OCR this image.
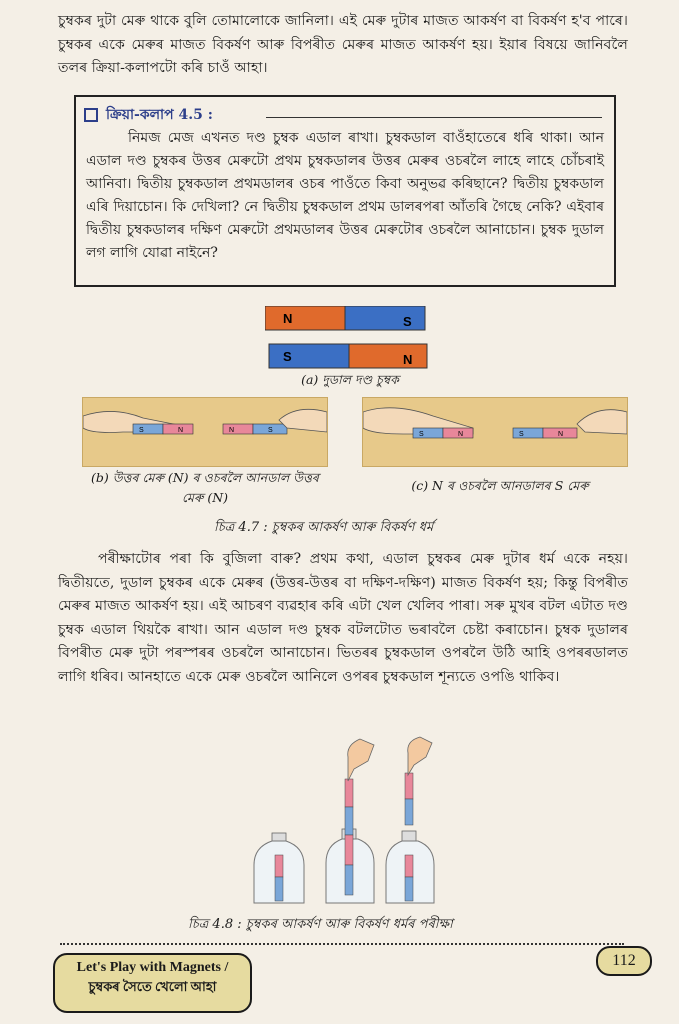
চুম্বকৰ দুটা মেৰু থাকে বুলি তোমালোকে জানিলা। এই মেৰু দুটাৰ মাজত আকৰ্ষণ বা বিকৰ্ষণ হ'ব পাৰে। চুম্বকৰ একে মেৰুৰ মাজত বিকৰ্ষণ আৰু বিপৰীত মেৰুৰ মাজত আকৰ্ষণ হয়। ইয়াৰ বিষয়ে জানিবলৈ তলৰ ক্ৰিয়া-কলাপটো কৰি চাওঁ আহা।
ক্ৰিয়া-কলাপ 4.5 :
নিমজ মেজ এখনত দণ্ড চুম্বক এডাল ৰাখা। চুম্বকডাল বাওঁহাতেৰে ধৰি থাকা। আন এডাল দণ্ড চুম্বকৰ উত্তৰ মেৰুটো প্ৰথম চুম্বকডালৰ উত্তৰ মেৰুৰ ওচৰলৈ লাহে লাহে চোঁচৰাই আনিবা। দ্বিতীয় চুম্বকডাল প্ৰথমডালৰ ওচৰ পাওঁতে কিবা অনুভৱ কৰিছানে? দ্বিতীয় চুম্বকডাল এৰি দিয়াচোন। কি দেখিলা? নে দ্বিতীয় চুম্বকডাল প্ৰথম ডালৰপৰা আঁতৰি গৈছে নেকি? এইবাৰ দ্বিতীয় চুম্বকডালৰ দক্ষিণ মেৰুটো প্ৰথমডালৰ উত্তৰ মেৰুটোৰ ওচৰলৈ আনাচোন। চুম্বক দুডাল লগ লাগি যোৱা নাইনে?
N	S
S	N
(a) দুডাল দণ্ড চুম্বক
S	N	N	S
(b) উত্তৰ মেৰু (N) ৰ ওচৰলৈ আনডাল উত্তৰ মেৰু (N)
S	N	S	N
(c) N ৰ ওচৰলৈ আনডালৰ S মেৰু
চিত্ৰ 4.7 : চুম্বকৰ আকৰ্ষণ আৰু বিকৰ্ষণ ধৰ্ম
পৰীক্ষাটোৰ পৰা কি বুজিলা বাৰু? প্ৰথম কথা, এডাল চুম্বকৰ মেৰু দুটাৰ ধৰ্ম একে নহয়। দ্বিতীয়তে, দুডাল চুম্বকৰ একে মেৰুৰ (উত্তৰ-উত্তৰ বা দক্ষিণ-দক্ষিণ) মাজত বিকৰ্ষণ হয়; কিন্তু বিপৰীত মেৰুৰ মাজত আকৰ্ষণ হয়। এই আচৰণ ব্যৱহাৰ কৰি এটা খেল খেলিব পাৰা। সৰু মুখৰ বটল এটাত দণ্ড চুম্বক এডাল থিয়কৈ ৰাখা। আন এডাল দণ্ড চুম্বক বটলটোত ভৰাবলৈ চেষ্টা কৰাচোন। চুম্বক দুডালৰ বিপৰীত মেৰু দুটা পৰস্পৰৰ ওচৰলৈ আনাচোন। ভিতৰৰ চুম্বকডাল ওপৰলৈ উঠি আহি ওপৰৰডালত লাগি ধৰিব। আনহাতে একে মেৰু ওচৰলৈ আনিলে ওপৰৰ চুম্বকডাল শূন্যতে ওপঙি থাকিব।
চিত্ৰ 4.8 : চুম্বকৰ আকৰ্ষণ আৰু বিকৰ্ষণ ধৰ্মৰ পৰীক্ষা
Let's Play with Magnets /
চুম্বকৰ সৈতে খেলো আহা
112
